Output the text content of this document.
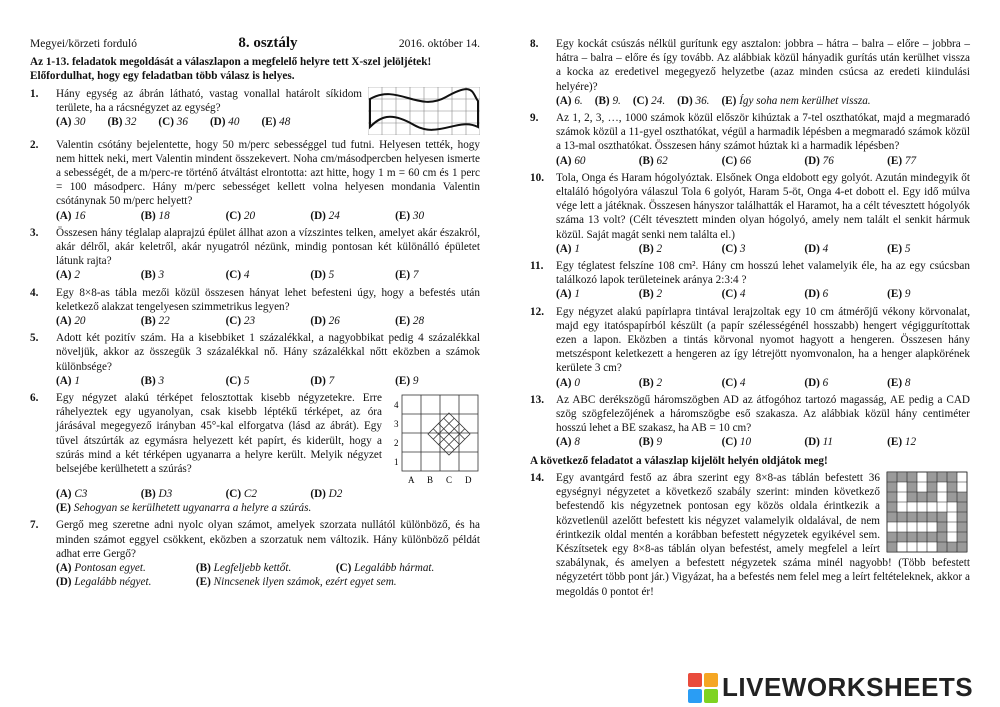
Megyei/körzeti forduló	8. osztály	2016. október 14.
Az 1-13. feladatok megoldását a válaszlapon a megfelelő helyre tett X-szel jelöljétek! Előfordulhat, hogy egy feladatban több válasz is helyes.
1.	Hány egység az ábrán látható, vastag vonallal határolt síkidom területe, ha a rácsnégyzet az egység?
(A) 30 (B) 32 (C) 36 (D) 40 (E) 48
2.	Valentin csótány bejelentette, hogy 50 m/perc sebességgel tud futni. Helyesen tették, hogy nem hittek neki, mert Valentin mindent összekevert. Noha cm/másodpercben helyesen ismerte a sebességét, de a m/perc-re történő átváltást elrontotta: azt hitte, hogy 1 m = 60 cm és 1 perc = 100 másodperc. Hány m/perc sebességet kellett volna helyesen mondania Valentin csótánynak 50 m/perc helyett?
(A) 16	(B) 18	(C) 20	(D) 24	(E) 30
3.	Összesen hány téglalap alaprajzú épület állhat azon a vízszintes telken, amelyet akár északról, akár délről, akár keletről, akár nyugatról nézünk, mindig pontosan két különálló épületet látunk rajta?
(A) 2	(B) 3	(C) 4	(D) 5	(E) 7
4.	Egy 8×8-as tábla mezői közül összesen hányat lehet befesteni úgy, hogy a befestés után keletkező alakzat tengelyesen szimmetrikus legyen?
(A) 20	(B) 22	(C) 23	(D) 26	(E) 28
5.	Adott két pozitív szám. Ha a kisebbiket 1 százalékkal, a nagyobbikat pedig 4 százalékkal növeljük, akkor az összegük 3 százalékkal nő. Hány százalékkal nőtt eközben a számok különbsége?
(A) 1	(B) 3	(C) 5	(D) 7	(E) 9
6.
4
3
2
1
A B C D
Egy négyzet alakú térképet felosztottak kisebb négyzetekre. Erre ráhelyeztek egy ugyanolyan, csak kisebb léptékű térképet, az óra járásával megegyező irányban 45°-kal elforgatva (lásd az ábrát). Egy tűvel átszúrták az egymásra helyezett két papírt, és kiderült, hogy a szúrás mind a két térképen ugyanarra a helyre került. Melyik négyzet belsejébe kerülhetett a szúrás?
(A) C3	(B) D3	(C) C2	(D) D2
(E) Sehogyan se kerülhetett ugyanarra a helyre a szúrás.
7.	Gergő meg szeretne adni nyolc olyan számot, amelyek szorzata nullától különböző, és ha minden számot eggyel csökkent, eközben a szorzatuk nem változik. Hány különböző példát adhat erre Gergő?
(A) Pontosan egyet.	(B) Legfeljebb kettőt.	(C) Legalább hármat.
(D) Legalább négyet.	(E) Nincsenek ilyen számok, ezért egyet sem.
8.	Egy kockát csúszás nélkül gurítunk egy asztalon: jobbra – hátra – balra – előre – jobbra – hátra – balra – előre és így tovább. Az alábbiak közül hányadik gurítás után kerülhet vissza a kocka az eredetivel megegyező helyzetbe (azaz minden csúcsa az eredeti kiindulási helyére)?
(A) 6. (B) 9. (C) 24. (D) 36. (E) Így soha nem kerülhet vissza.
9.	Az 1, 2, 3, …, 1000 számok közül először kihúztak a 7-tel oszthatókat, majd a megmaradó számok közül a 11-gyel oszthatókat, végül a harmadik lépésben a megmaradó számok közül a 13-mal oszthatókat. Összesen hány számot húztak ki a harmadik lépésben?
(A) 60	(B) 62	(C) 66	(D) 76	(E) 77
10.	Tola, Onga és Haram hógolyóztak. Elsőnek Onga eldobott egy golyót. Azután mindegyik őt eltaláló hógolyóra válaszul Tola 6 golyót, Haram 5-öt, Onga 4-et dobott el. Egy idő múlva vége lett a játéknak. Összesen hányszor találhatták el Haramot, ha a célt tévesztett hógolyók száma 13 volt? (Célt tévesztett minden olyan hógolyó, amely nem talált el senkit hármuk közül. Saját magát senki nem találta el.)
(A) 1	(B) 2	(C) 3	(D) 4	(E) 5
11.	Egy téglatest felszíne 108 cm². Hány cm hosszú lehet valamelyik éle, ha az egy csúcsban találkozó lapok területeinek aránya 2:3:4 ?
(A) 1	(B) 2	(C) 4	(D) 6	(E) 9
12.	Egy négyzet alakú papírlapra tintával lerajzoltak egy 10 cm átmérőjű vékony körvonalat, majd egy itatóspapírból készült (a papír szélességénél hosszabb) hengert végiggurítottak ezen a lapon. Eközben a tintás körvonal nyomot hagyott a hengeren. Összesen hány metszéspont keletkezett a hengeren az így létrejött nyomvonalon, ha a henger alapkörének kerülete 3 cm?
(A) 0	(B) 2	(C) 4	(D) 6	(E) 8
13.	Az ABC derékszögű háromszögben AD az átfogóhoz tartozó magasság, AE pedig a CAD szög szögfelezőjének a háromszögbe eső szakasza. Az alábbiak közül hány centiméter hosszú lehet a BE szakasz, ha AB = 10 cm?
(A) 8	(B) 9	(C) 10	(D) 11	(E) 12
A következő feladatot a válaszlap kijelölt helyén oldjátok meg!
14.	Egy avantgárd festő az ábra szerint egy 8×8-as táblán befestett 36 egységnyi négyzetet a következő szabály szerint: minden következő befestendő kis négyzetnek pontosan egy közös oldala érintkezik a közvetlenül azelőtt befestett kis négyzet valamelyik oldalával, de nem érintkezik oldal mentén a korábban befestett négyzetek egyikével sem. Készítsetek egy 8×8-as táblán olyan befestést, amely megfelel a leírt szabálynak, és amelyen a befestett négyzetek száma minél nagyobb! (Több befestett négyzetért több pont jár.) Vigyázat, ha a befestés nem felel meg a leírt feltételeknek, akkor a megoldás 0 pontot ér!
LIVEWORKSHEETS
